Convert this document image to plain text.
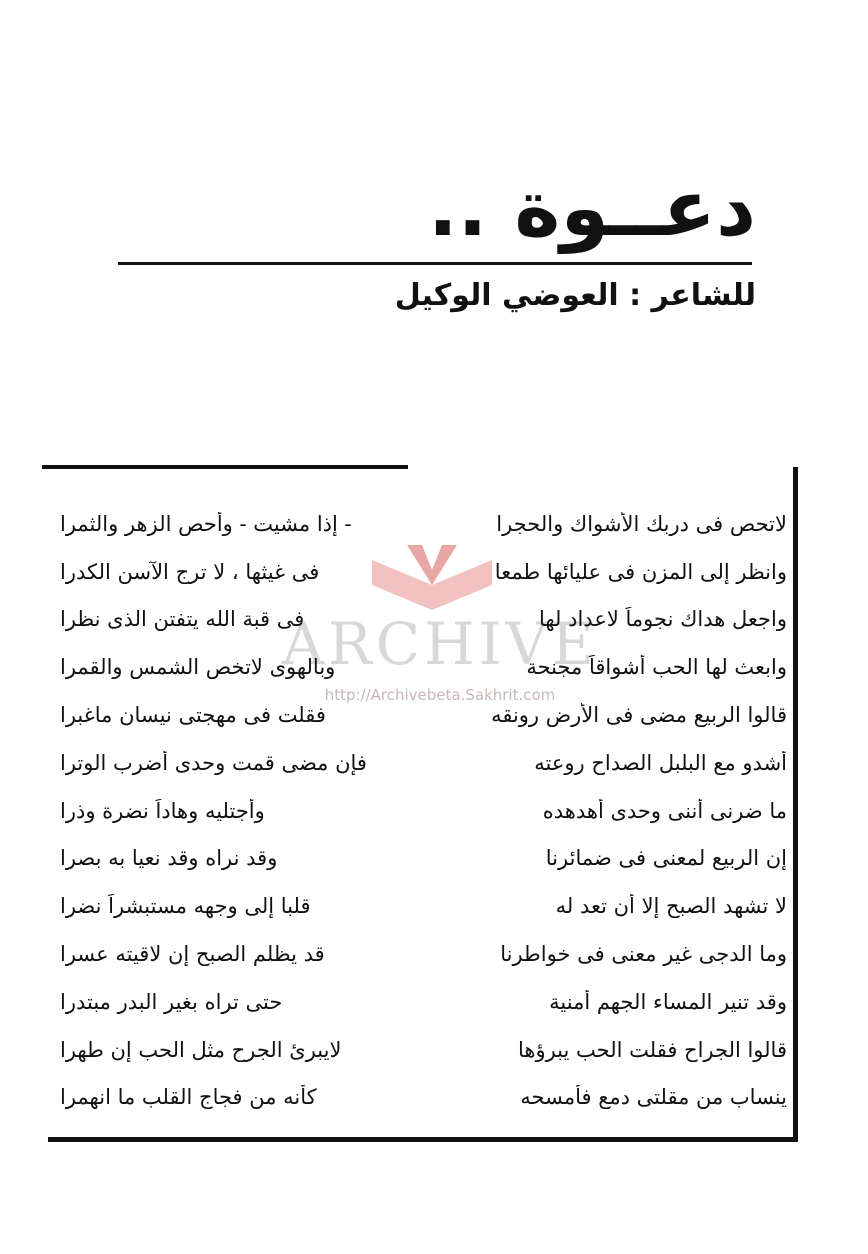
دعــوة ..
للشاعر : العوضي الوكيل
ARCHIVE
http://Archivebeta.Sakhrit.com
لاتحص فى دربك الأشواك والحجرا
- إذا مشيت - وأحص الزهر والثمرا
وانظر إلى المزن فى عليائها طمعا
فى غيثها ، لا ترج الآسن الكدرا
واجعل هداك نجوماً لاعداد لها
فى قبة الله يتفتن الذى نظرا
وابعث لها الحب أشواقاً مجنحة
وبالهوى لاتخص الشمس والقمرا
قالوا الربيع مضى فى الأرض رونقه
فقلت فى مهجتى نيسان ماغبرا
أشدو مع البلبل الصداح روعته
فإن مضى قمت وحدى أضرب الوترا
ما ضرنى أننى وحدى أهدهده
وأجتليه وهاداً نضرة وذرا
إن الربيع لمعنى فى ضمائرنا
وقد نراه وقد نعيا به بصرا
لا تشهد الصبح إلا أن تعد له
قلبا إلى وجهه مستبشراً نضرا
وما الدجى غير معنى فى خواطرنا
قد يظلم الصبح إن لاقيته عسرا
وقد تنير المساء الجهم أمنية
حتى تراه بغير البدر مبتدرا
قالوا الجراح فقلت الحب يبرؤها
لايبرئ الجرح مثل الحب إن طهرا
ينساب من مقلتى دمع فأمسحه
كأنه من فجاج القلب ما انهمرا
